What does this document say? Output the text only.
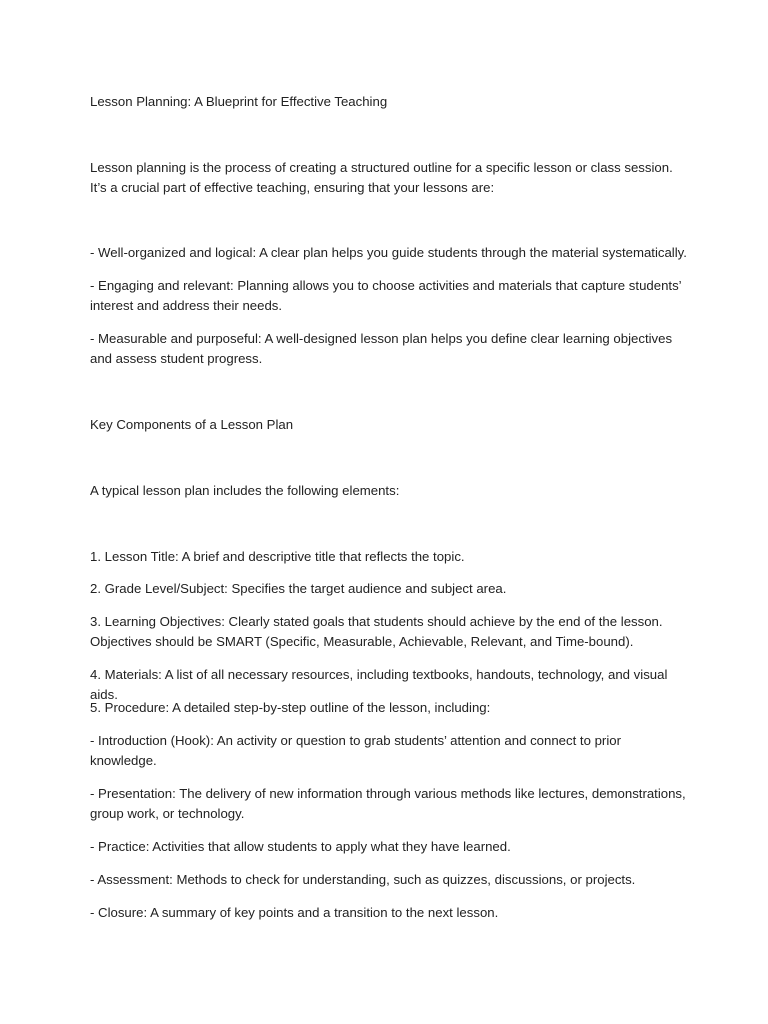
Lesson Planning: A Blueprint for Effective Teaching

Lesson planning is the process of creating a structured outline for a specific lesson or class session. It’s a crucial part of effective teaching, ensuring that your lessons are:

- Well-organized and logical: A clear plan helps you guide students through the material systematically.

- Engaging and relevant: Planning allows you to choose activities and materials that capture students’ interest and address their needs.

- Measurable and purposeful: A well-designed lesson plan helps you define clear learning objectives and assess student progress.

Key Components of a Lesson Plan

A typical lesson plan includes the following elements:

1. Lesson Title: A brief and descriptive title that reflects the topic.

2. Grade Level/Subject: Specifies the target audience and subject area.

3. Learning Objectives: Clearly stated goals that students should achieve by the end of the lesson. Objectives should be SMART (Specific, Measurable, Achievable, Relevant, and Time-bound).

4. Materials: A list of all necessary resources, including textbooks, handouts, technology, and visual aids.

5. Procedure: A detailed step-by-step outline of the lesson, including:

- Introduction (Hook): An activity or question to grab students’ attention and connect to prior knowledge.

- Presentation: The delivery of new information through various methods like lectures, demonstrations, group work, or technology.

- Practice: Activities that allow students to apply what they have learned.

- Assessment: Methods to check for understanding, such as quizzes, discussions, or projects.

- Closure: A summary of key points and a transition to the next lesson.
